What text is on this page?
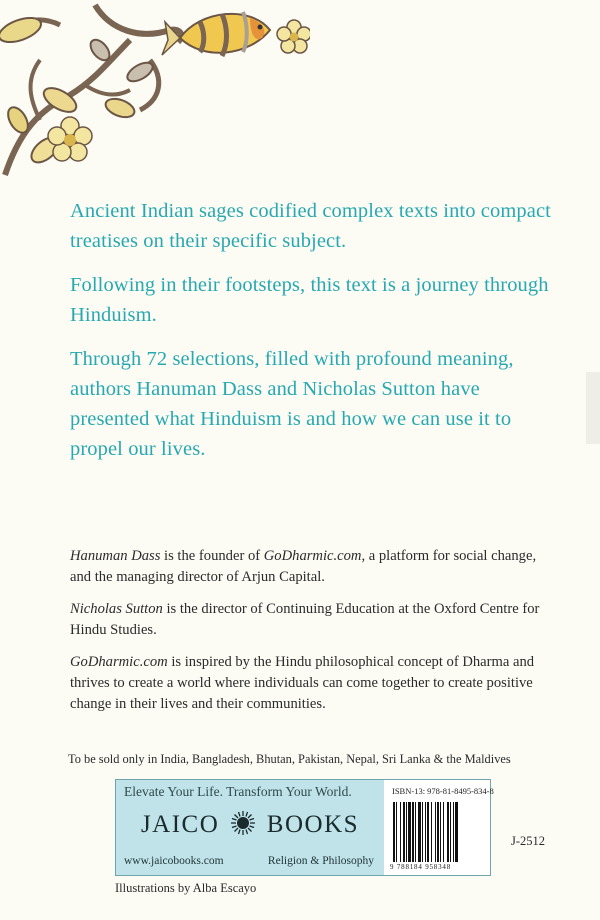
Ancient Indian sages codified complex texts into compact treatises on their specific subject.

Following in their footsteps, this text is a journey through Hinduism.

Through 72 selections, filled with profound meaning, authors Hanuman Dass and Nicholas Sutton have presented what Hinduism is and how we can use it to propel our lives.

Hanuman Dass is the founder of GoDharmic.com, a platform for social change, and the managing director of Arjun Capital.

Nicholas Sutton is the director of Continuing Education at the Oxford Centre for Hindu Studies.

GoDharmic.com is inspired by the Hindu philosophical concept of Dharma and thrives to create a world where individuals can come together to create positive change in their lives and their communities.

To be sold only in India, Bangladesh, Bhutan, Pakistan, Nepal, Sri Lanka & the Maldives
Elevate Your Life. Transform Your World.
JAICO BOOKS
www.jaicobooks.com	Religion & Philosophy
ISBN-13: 978-81-8495-834-8
9 788184 958348
J-2512
Illustrations by Alba Escayo
